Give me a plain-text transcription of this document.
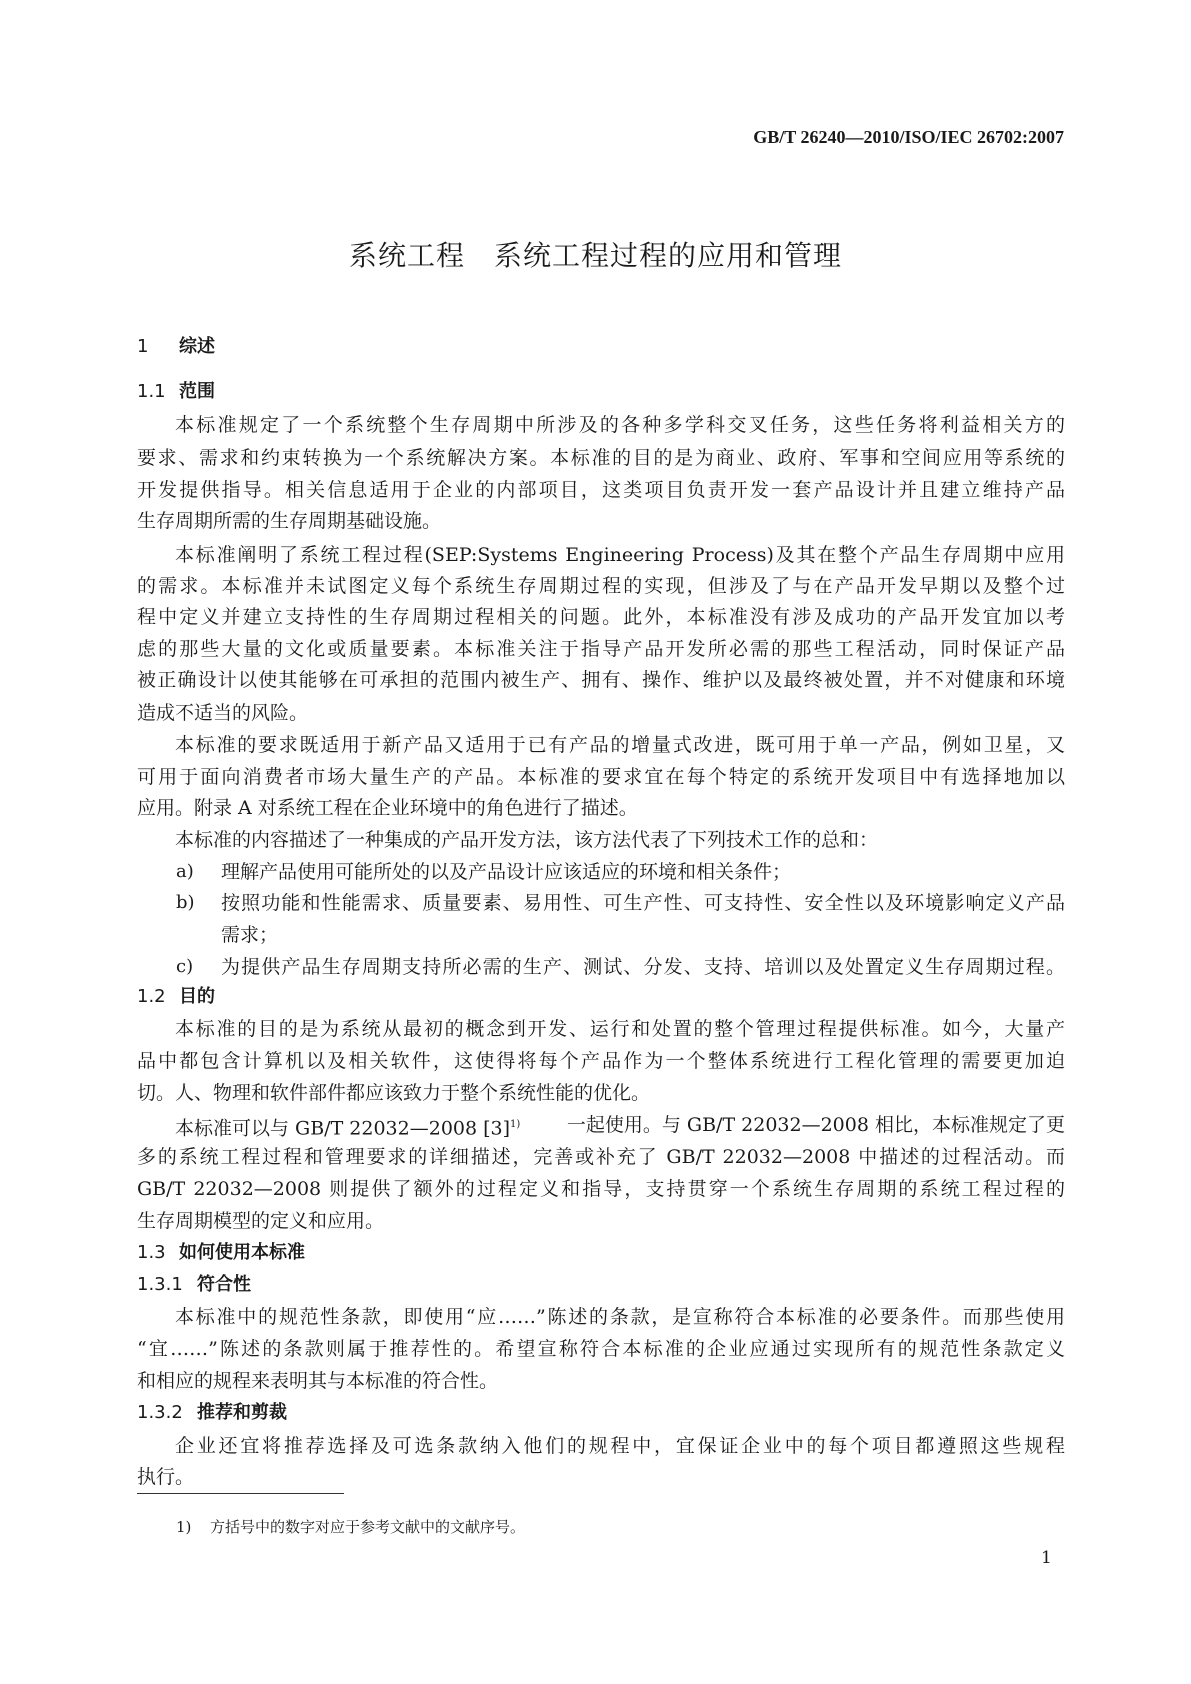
GB/T 26240—2010/ISO/IEC 26702:2007
系统工程　系统工程过程的应用和管理
1 综述
1.1 范围
本标准规定了一个系统整个生存周期中所涉及的各种多学科交叉任务，这些任务将利益相关方的
要求、需求和约束转换为一个系统解决方案。本标准的目的是为商业、政府、军事和空间应用等系统的
开发提供指导。相关信息适用于企业的内部项目，这类项目负责开发一套产品设计并且建立维持产品
生存周期所需的生存周期基础设施。
本标准阐明了系统工程过程(SEP:Systems Engineering Process)及其在整个产品生存周期中应用
的需求。本标准并未试图定义每个系统生存周期过程的实现，但涉及了与在产品开发早期以及整个过
程中定义并建立支持性的生存周期过程相关的问题。此外，本标准没有涉及成功的产品开发宜加以考
虑的那些大量的文化或质量要素。本标准关注于指导产品开发所必需的那些工程活动，同时保证产品
被正确设计以使其能够在可承担的范围内被生产、拥有、操作、维护以及最终被处置，并不对健康和环境
造成不适当的风险。
本标准的要求既适用于新产品又适用于已有产品的增量式改进，既可用于单一产品，例如卫星，又
可用于面向消费者市场大量生产的产品。本标准的要求宜在每个特定的系统开发项目中有选择地加以
应用。附录 A 对系统工程在企业环境中的角色进行了描述。
本标准的内容描述了一种集成的产品开发方法，该方法代表了下列技术工作的总和：
a)	理解产品使用可能所处的以及产品设计应该适应的环境和相关条件；
b)	按照功能和性能需求、质量要素、易用性、可生产性、可支持性、安全性以及环境影响定义产品
需求；
c)	为提供产品生存周期支持所必需的生产、测试、分发、支持、培训以及处置定义生存周期过程。
1.2 目的
本标准的目的是为系统从最初的概念到开发、运行和处置的整个管理过程提供标准。如今，大量产
品中都包含计算机以及相关软件，这使得将每个产品作为一个整体系统进行工程化管理的需要更加迫
切。人、物理和软件部件都应该致力于整个系统性能的优化。
本标准可以与 GB/T 22032—2008 $[3]^{1)}$ 一起使用。与 GB/T 22032—2008 相比，本标准规定了更
多的系统工程过程和管理要求的详细描述，完善或补充了 GB/T 22032—2008 中描述的过程活动。而
GB/T 22032—2008 则提供了额外的过程定义和指导，支持贯穿一个系统生存周期的系统工程过程的
生存周期模型的定义和应用。
1.3 如何使用本标准
1.3.1 符合性
本标准中的规范性条款，即使用“应……”陈述的条款，是宣称符合本标准的必要条件。而那些使用
“宜……”陈述的条款则属于推荐性的。希望宣称符合本标准的企业应通过实现所有的规范性条款定义
和相应的规程来表明其与本标准的符合性。
1.3.2 推荐和剪裁
企业还宜将推荐选择及可选条款纳入他们的规程中，宜保证企业中的每个项目都遵照这些规程
执行。
1) 方括号中的数字对应于参考文献中的文献序号。
1
